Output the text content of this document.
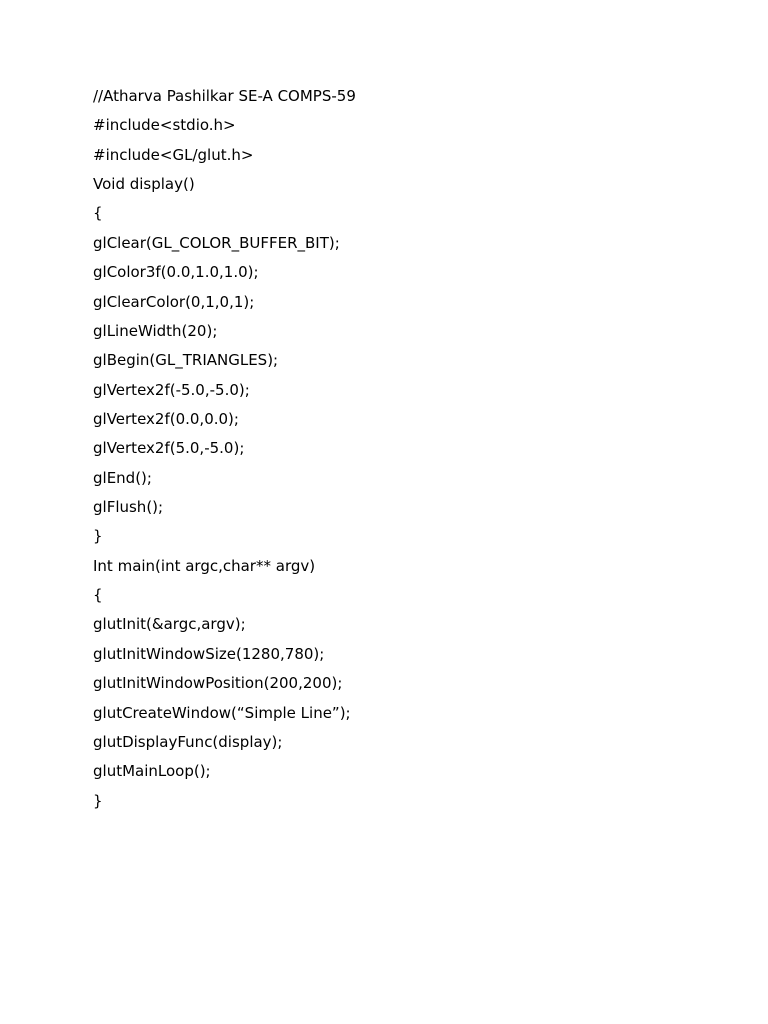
//Atharva Pashilkar SE-A COMPS-59
#include<stdio.h>
#include<GL/glut.h>
Void display()
{
glClear(GL_COLOR_BUFFER_BIT);
glColor3f(0.0,1.0,1.0);
glClearColor(0,1,0,1);
glLineWidth(20);
glBegin(GL_TRIANGLES);
glVertex2f(-5.0,-5.0);
glVertex2f(0.0,0.0);
glVertex2f(5.0,-5.0);
glEnd();
glFlush();
}
Int main(int argc,char** argv)
{
glutInit(&argc,argv);
glutInitWindowSize(1280,780);
glutInitWindowPosition(200,200);
glutCreateWindow(“Simple Line”);
glutDisplayFunc(display);
glutMainLoop();
}
